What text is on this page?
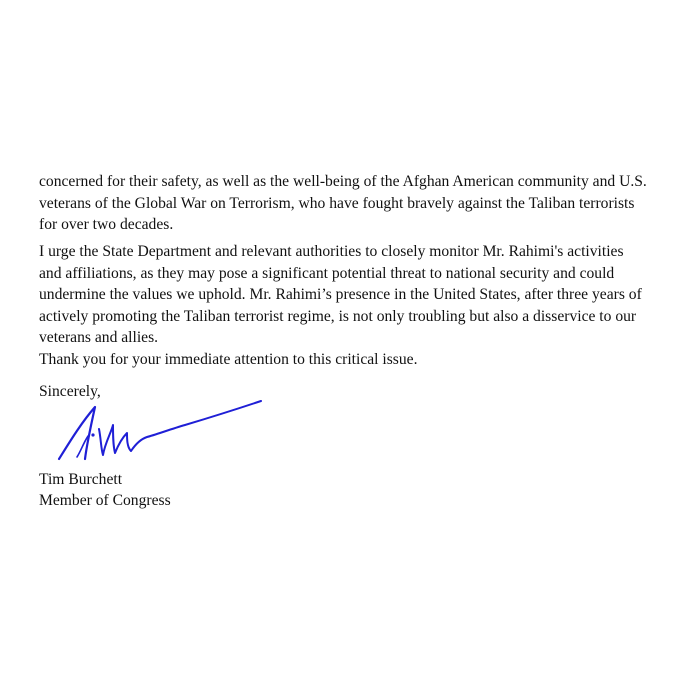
concerned for their safety, as well as the well-being of the Afghan American community and U.S.
veterans of the Global War on Terrorism, who have fought bravely against the Taliban terrorists
for over two decades.

I urge the State Department and relevant authorities to closely monitor Mr. Rahimi's activities
and affiliations, as they may pose a significant potential threat to national security and could
undermine the values we uphold. Mr. Rahimi’s presence in the United States, after three years of
actively promoting the Taliban terrorist regime, is not only troubling but also a disservice to our
veterans and allies.

Thank you for your immediate attention to this critical issue.

Sincerely,
Tim Burchett
Member of Congress
